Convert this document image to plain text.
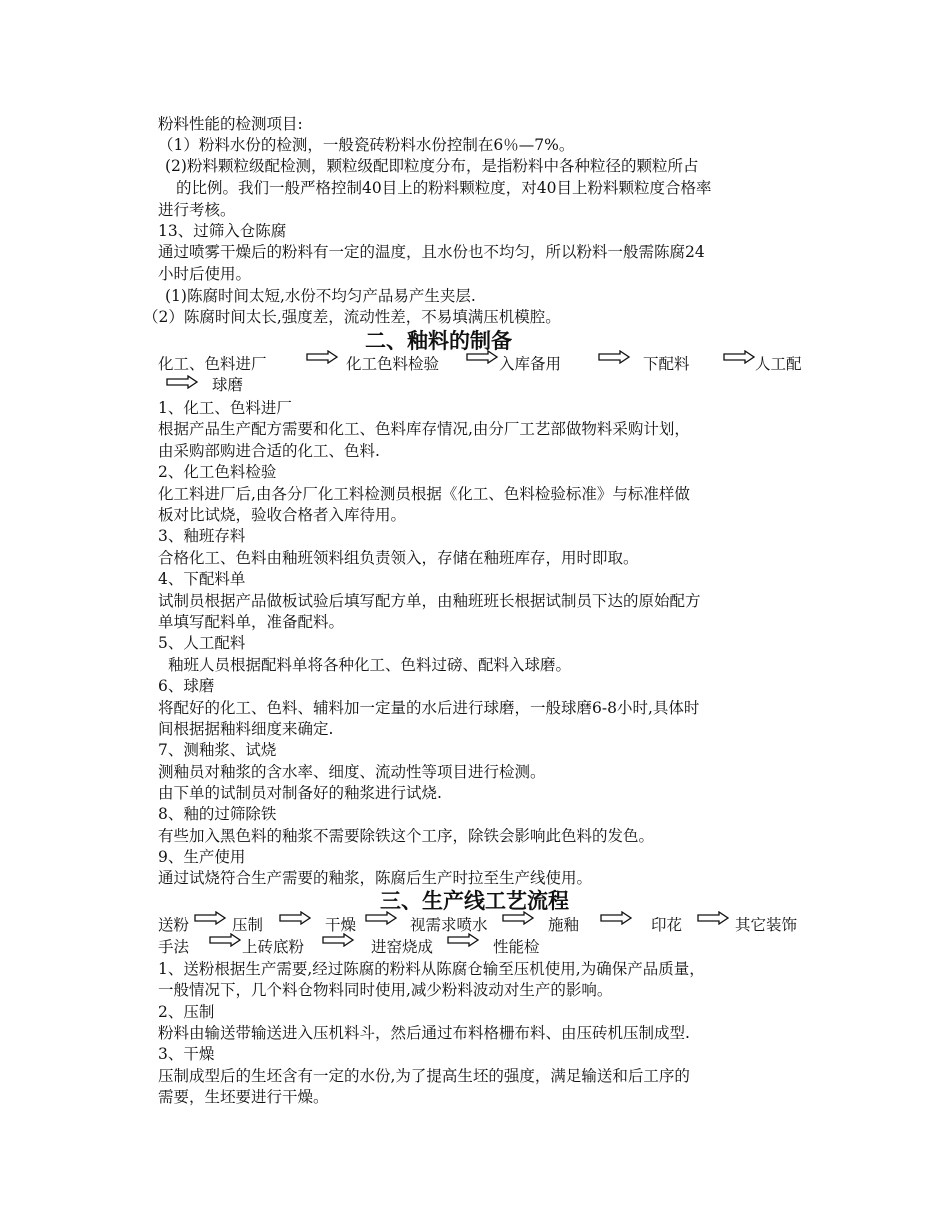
粉料性能的检测项目:
（1）粉料水份的检测，一般瓷砖粉料水份控制在6％—7%。
(2)粉料颗粒级配检测，颗粒级配即粒度分布，是指粉料中各种粒径的颗粒所占
的比例。我们一般严格控制40目上的粉料颗粒度，对40目上粉料颗粒度合格率
进行考核。
13、过筛入仓陈腐
通过喷雾干燥后的粉料有一定的温度，且水份也不均匀，所以粉料一般需陈腐24
小时后使用。
(1)陈腐时间太短,水份不均匀产品易产生夹层.
（2）陈腐时间太长,强度差，流动性差，不易填满压机模腔。
二、釉料的制备
化工、色料进厂	化工色料检验	入库备用	下配料	人工配
球磨
1、化工、色料进厂
根据产品生产配方需要和化工、色料库存情况,由分厂工艺部做物料采购计划，
由采购部购进合适的化工、色料.
2、化工色料检验
化工料进厂后,由各分厂化工料检测员根据《化工、色料检验标准》与标准样做
板对比试烧，验收合格者入库待用。
3、釉班存料
合格化工、色料由釉班领料组负责领入，存储在釉班库存，用时即取。
4、下配料单
试制员根据产品做板试验后填写配方单，由釉班班长根据试制员下达的原始配方
单填写配料单，准备配料。
5、人工配料
釉班人员根据配料单将各种化工、色料过磅、配料入球磨。
6、球磨
将配好的化工、色料、辅料加一定量的水后进行球磨，一般球磨6-8小时,具体时
间根据据釉料细度来确定.
7、测釉浆、试烧
测釉员对釉浆的含水率、细度、流动性等项目进行检测。
由下单的试制员对制备好的釉浆进行试烧.
8、釉的过筛除铁
有些加入黑色料的釉浆不需要除铁这个工序，除铁会影响此色料的发色。
9、生产使用
通过试烧符合生产需要的釉浆，陈腐后生产时拉至生产线使用。
三、生产线工艺流程
送粉	压制	干燥	视需求喷水	施釉	印花	其它装饰
手法	上砖底粉	进窑烧成	性能检
1、送粉根据生产需要,经过陈腐的粉料从陈腐仓输至压机使用,为确保产品质量，
一般情况下，几个料仓物料同时使用,减少粉料波动对生产的影响。
2、压制
粉料由输送带输送进入压机料斗，然后通过布料格栅布料、由压砖机压制成型.
3、干燥
压制成型后的生坯含有一定的水份,为了提高生坯的强度，满足输送和后工序的
需要，生坯要进行干燥。
